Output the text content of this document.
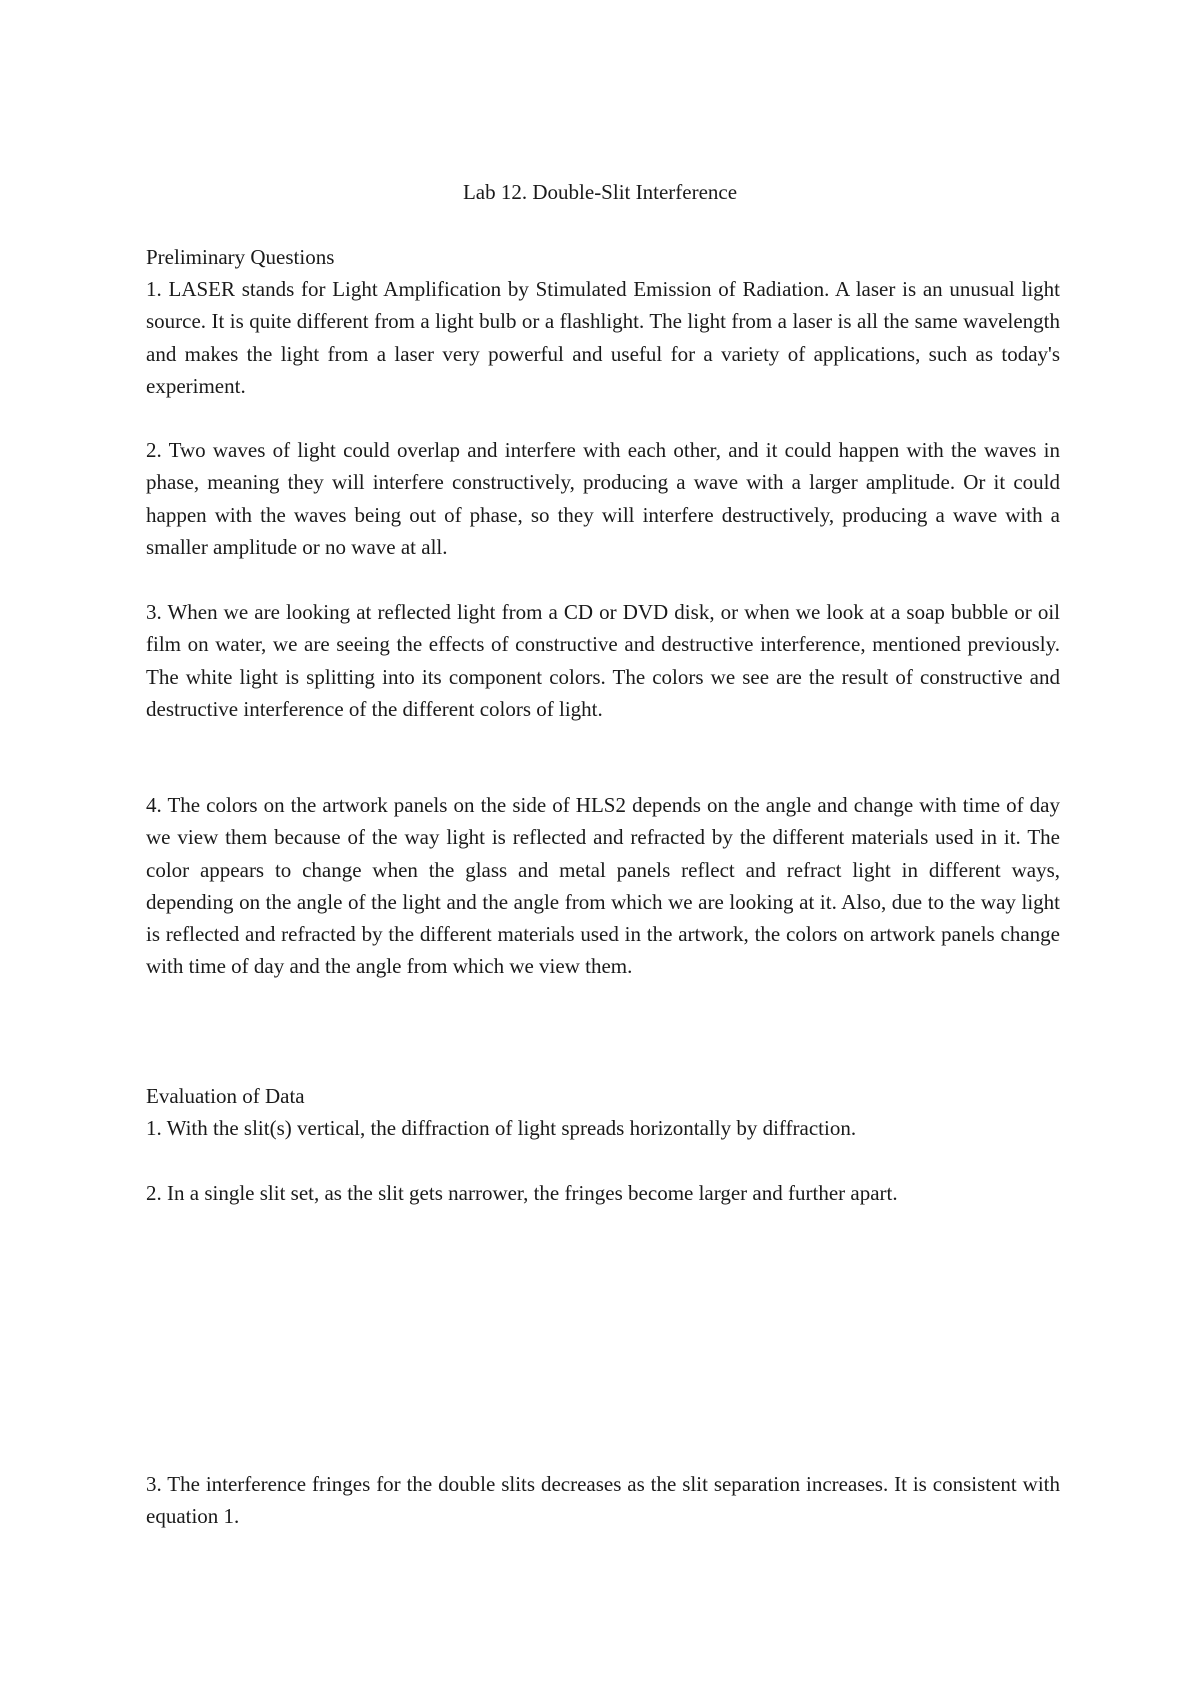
Lab 12. Double-Slit Interference
Preliminary Questions

1. LASER stands for Light Amplification by Stimulated Emission of Radiation. A laser is an unusual light source. It is quite different from a light bulb or a flashlight. The light from a laser is all the same wavelength and makes the light from a laser very powerful and useful for a variety of applications, such as today's experiment.

2. Two waves of light could overlap and interfere with each other, and it could happen with the waves in phase, meaning they will interfere constructively, producing a wave with a larger amplitude. Or it could happen with the waves being out of phase, so they will interfere destructively, producing a wave with a smaller amplitude or no wave at all.

3. When we are looking at reflected light from a CD or DVD disk, or when we look at a soap bubble or oil film on water, we are seeing the effects of constructive and destructive interference, mentioned previously. The white light is splitting into its component colors. The colors we see are the result of constructive and destructive interference of the different colors of light.

4. The colors on the artwork panels on the side of HLS2 depends on the angle and change with time of day we view them because of the way light is reflected and refracted by the different materials used in it. The color appears to change when the glass and metal panels reflect and refract light in different ways, depending on the angle of the light and the angle from which we are looking at it. Also, due to the way light is reflected and refracted by the different materials used in the artwork, the colors on artwork panels change with time of day and the angle from which we view them.

Evaluation of Data

1. With the slit(s) vertical, the diffraction of light spreads horizontally by diffraction.

2. In a single slit set, as the slit gets narrower, the fringes become larger and further apart.

3. The interference fringes for the double slits decreases as the slit separation increases. It is consistent with equation 1.
